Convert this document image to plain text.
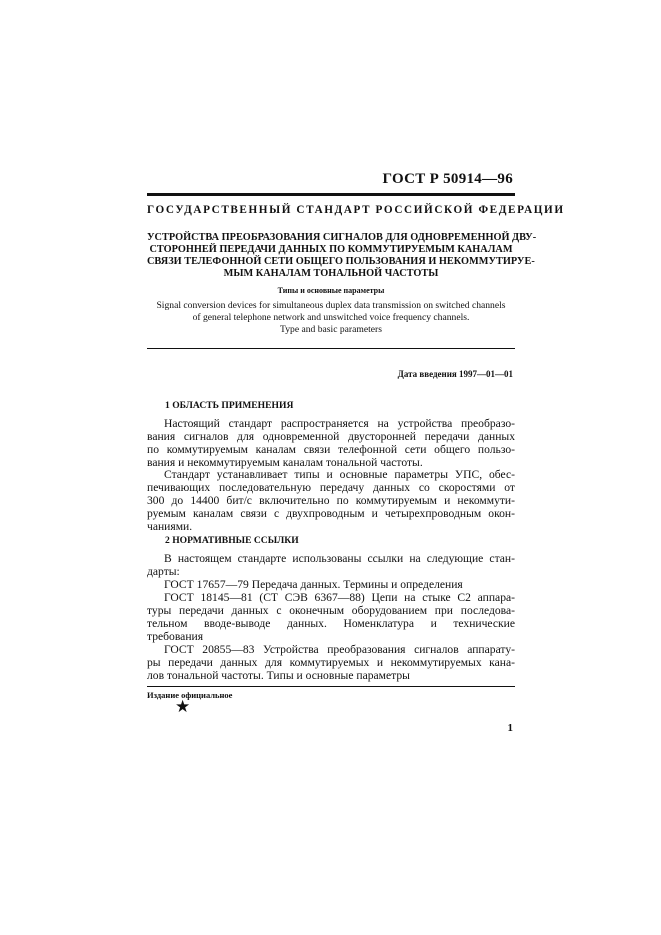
ГОСТ Р 50914—96
ГОСУДАРСТВЕННЫЙ СТАНДАРТ РОССИЙСКОЙ ФЕДЕРАЦИИ
УСТРОЙСТВА ПРЕОБРАЗОВАНИЯ СИГНАЛОВ ДЛЯ ОДНОВРЕМЕННОЙ ДВУ-
СТОРОННЕЙ ПЕРЕДАЧИ ДАННЫХ ПО КОММУТИРУЕМЫМ КАНАЛАМ
СВЯЗИ ТЕЛЕФОННОЙ СЕТИ ОБЩЕГО ПОЛЬЗОВАНИЯ И НЕКОММУТИРУЕ-
МЫМ КАНАЛАМ ТОНАЛЬНОЙ ЧАСТОТЫ
Типы и основные параметры
Signal conversion devices for simultaneous duplex data transmission on switched channels
of general telephone network and unswitched voice frequency channels.
Type and basic parameters
Дата введения 1997—01—01
1 ОБЛАСТЬ ПРИМЕНЕНИЯ
Настоящий стандарт распространяется на устройства преобразо-
вания сигналов для одновременной двусторонней передачи данных
по коммутируемым каналам связи телефонной сети общего пользо-
вания и некоммутируемым каналам тональной частоты.
Стандарт устанавливает типы и основные параметры УПС, обес-
печивающих последовательную передачу данных со скоростями от
300 до 14400 бит/с включительно по коммутируемым и некоммути-
руемым каналам связи с двухпроводным и четырехпроводным окон-
чаниями.
2 НОРМАТИВНЫЕ ССЫЛКИ
В настоящем стандарте использованы ссылки на следующие стан-
дарты:
ГОСТ 17657—79 Передача данных. Термины и определения
ГОСТ 18145—81 (СТ СЭВ 6367—88) Цепи на стыке С2 аппара-
туры передачи данных с оконечным оборудованием при последова-
тельном вводе-выводе данных. Номенклатура и технические
требования
ГОСТ 20855—83 Устройства преобразования сигналов аппарату-
ры передачи данных для коммутируемых и некоммутируемых кана-
лов тональной частоты. Типы и основные параметры
Издание официальное
★
1
